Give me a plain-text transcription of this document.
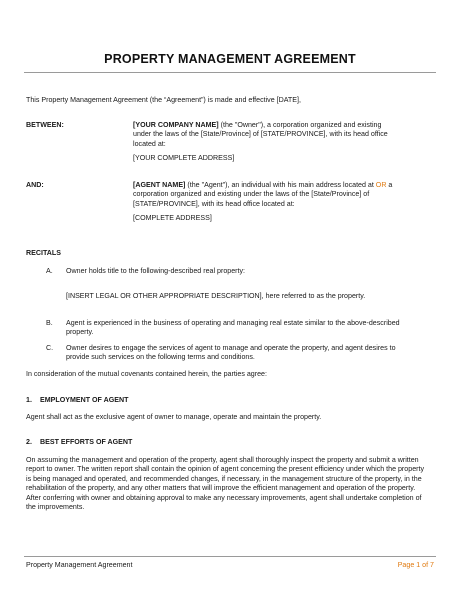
PROPERTY MANAGEMENT AGREEMENT
This Property Management Agreement (the “Agreement”) is made and effective [DATE],
BETWEEN:	[YOUR COMPANY NAME] (the "Owner"), a corporation organized and existing under the laws of the [State/Province] of [STATE/PROVINCE], with its head office located at:
[YOUR COMPLETE ADDRESS]
AND:	[AGENT NAME] (the "Agent"), an individual with his main address located at OR a corporation organized and existing under the laws of the [State/Province] of [STATE/PROVINCE], with its head office located at:
[COMPLETE ADDRESS]
RECITALS
A. Owner holds title to the following-described real property:
[INSERT LEGAL OR OTHER APPROPRIATE DESCRIPTION], here referred to as the property.
B. Agent is experienced in the business of operating and managing real estate similar to the above-described property.
C. Owner desires to engage the services of agent to manage and operate the property, and agent desires to provide such services on the following terms and conditions.
In consideration of the mutual covenants contained herein, the parties agree:
1. EMPLOYMENT OF AGENT
Agent shall act as the exclusive agent of owner to manage, operate and maintain the property.
2. BEST EFFORTS OF AGENT
On assuming the management and operation of the property, agent shall thoroughly inspect the property and submit a written report to owner. The written report shall contain the opinion of agent concerning the present efficiency under which the property is being managed and operated, and recommended changes, if necessary, in the management structure of the property, in the rehabilitation of the property, and any other matters that will improve the efficient management and operation of the property. After conferring with owner and obtaining approval to make any necessary improvements, agent shall undertake completion of the improvements.
Property Management Agreement	Page 1 of 7
